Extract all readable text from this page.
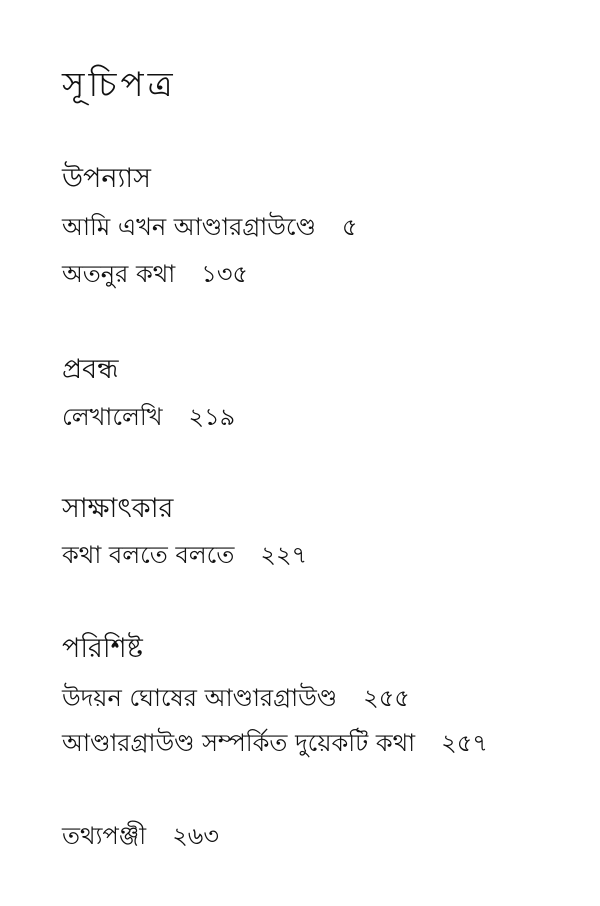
সূচিপত্র
উপন্যাস
আমি এখন আণ্ডারগ্রাউণ্ডে ৫
অতনুর কথা ১৩৫
প্রবন্ধ
লেখালেখি ২১৯
সাক্ষাৎকার
কথা বলতে বলতে ২২৭
পরিশিষ্ট
উদয়ন ঘোষের আণ্ডারগ্রাউণ্ড ২৫৫
আণ্ডারগ্রাউণ্ড সম্পর্কিত দুয়েকটি কথা ২৫৭
তথ্যপঞ্জী ২৬৩
